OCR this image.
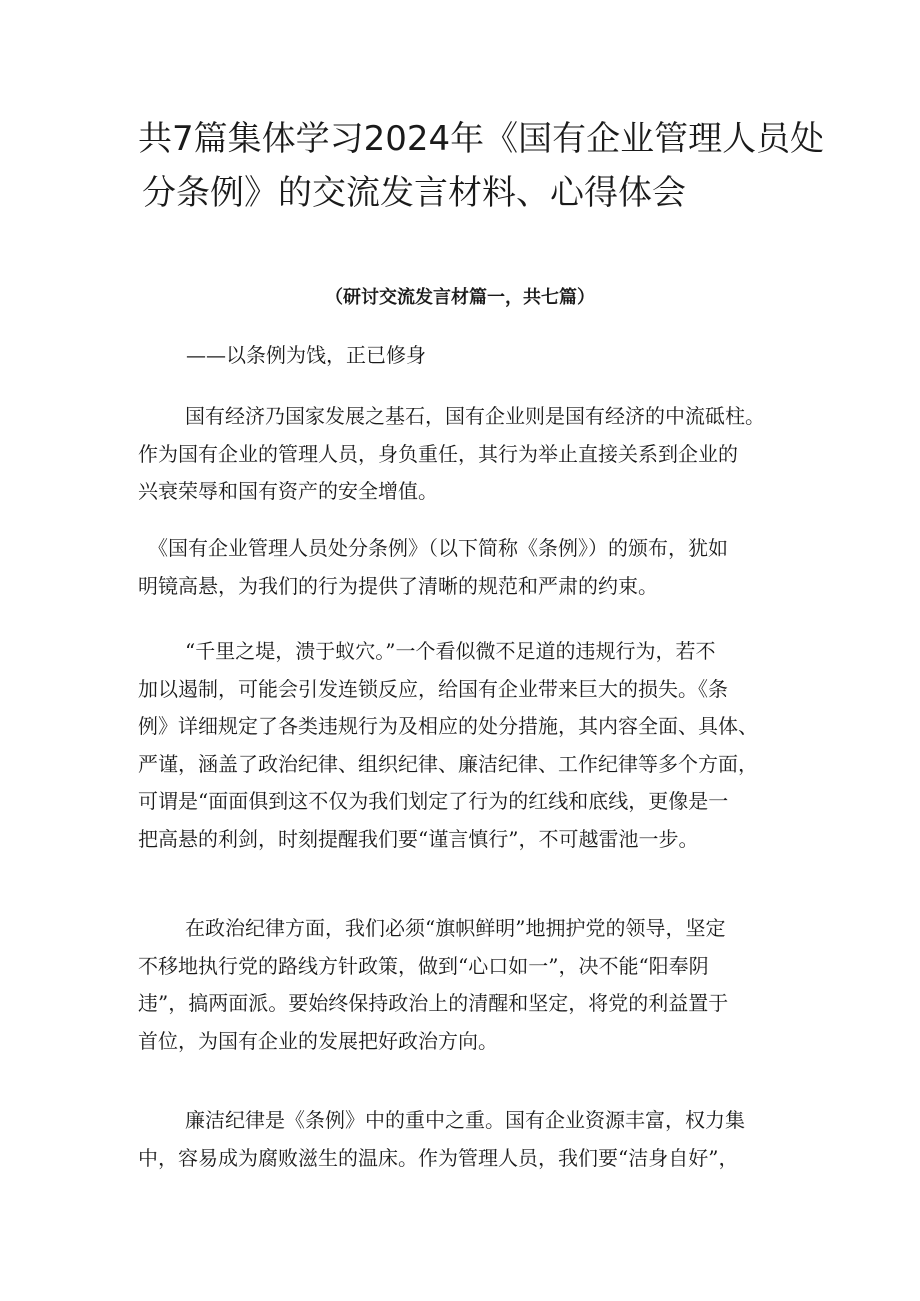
共7篇集体学习2024年《国有企业管理人员处
分条例》的交流发言材料、心得体会
（研讨交流发言材篇一，共七篇）
——以条例为饯，正已修身
国有经济乃国家发展之基石，国有企业则是国有经济的中流砥柱。
作为国有企业的管理人员，身负重任，其行为举止直接关系到企业的
兴衰荣辱和国有资产的安全增值。
《国有企业管理人员处分条例》（以下简称《条例》）的颁布，犹如
明镜高悬，为我们的行为提供了清晰的规范和严肃的约束。
“千里之堤，溃于蚁穴。”一个看似微不足道的违规行为，若不
加以遏制，可能会引发连锁反应，给国有企业带来巨大的损失。《条
例》详细规定了各类违规行为及相应的处分措施，其内容全面、具体、
严谨，涵盖了政治纪律、组织纪律、廉洁纪律、工作纪律等多个方面，
可谓是“面面俱到这不仅为我们划定了行为的红线和底线，更像是一
把高悬的利剑，时刻提醒我们要“谨言慎行”，不可越雷池一步。
在政治纪律方面，我们必须“旗帜鲜明”地拥护党的领导，坚定
不移地执行党的路线方针政策，做到“心口如一”，决不能“阳奉阴
违”，搞两面派。要始终保持政治上的清醒和坚定，将党的利益置于
首位，为国有企业的发展把好政治方向。
廉洁纪律是《条例》中的重中之重。国有企业资源丰富，权力集
中，容易成为腐败滋生的温床。作为管理人员，我们要“洁身自好”，
